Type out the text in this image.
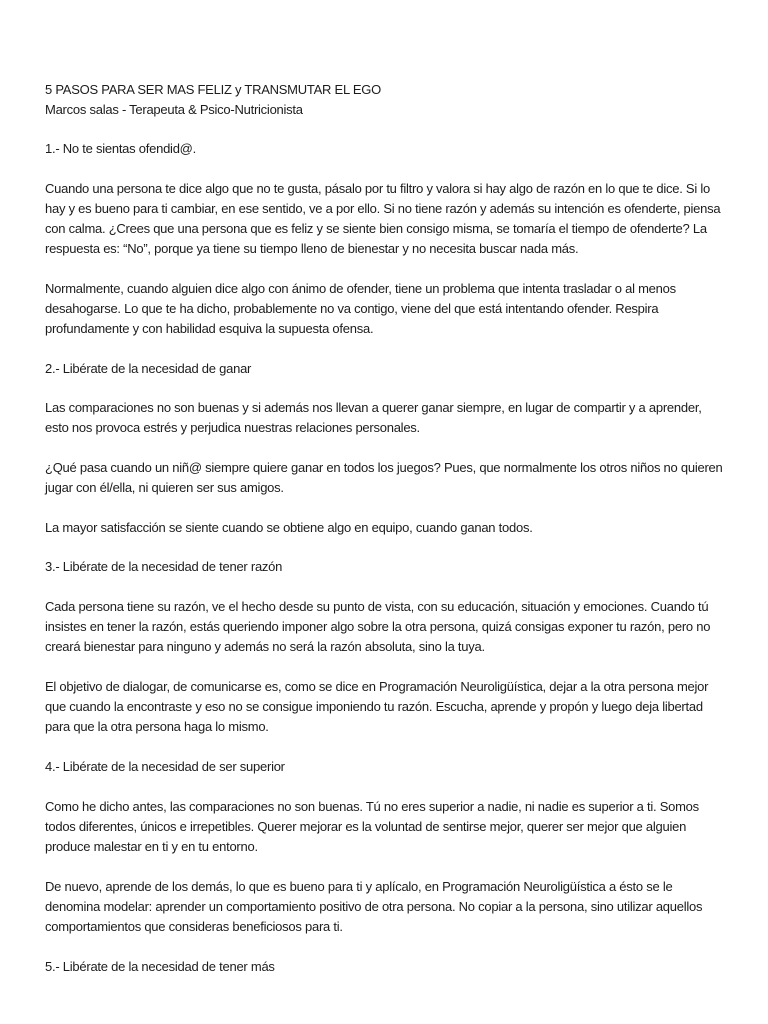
5 PASOS PARA SER MAS FELIZ y TRANSMUTAR EL EGO

Marcos salas - Terapeuta & Psico-Nutricionista

1.- No te sientas ofendid@.

Cuando una persona te dice algo que no te gusta, pásalo por tu filtro y valora si hay algo de razón en lo que te dice. Si lo hay y es bueno para ti cambiar, en ese sentido, ve a por ello. Si no tiene razón y además su intención es ofenderte, piensa con calma. ¿Crees que una persona que es feliz y se siente bien consigo misma, se tomaría el tiempo de ofenderte? La respuesta es: “No”, porque ya tiene su tiempo lleno de bienestar y no necesita buscar nada más.

Normalmente, cuando alguien dice algo con ánimo de ofender, tiene un problema que intenta trasladar o al menos desahogarse. Lo que te ha dicho, probablemente no va contigo, viene del que está intentando ofender. Respira profundamente y con habilidad esquiva la supuesta ofensa.

2.- Libérate de la necesidad de ganar

Las comparaciones no son buenas y si además nos llevan a querer ganar siempre, en lugar de compartir y a aprender, esto nos provoca estrés y perjudica nuestras relaciones personales.

¿Qué pasa cuando un niñ@ siempre quiere ganar en todos los juegos? Pues, que normalmente los otros niños no quieren jugar con él/ella, ni quieren ser sus amigos.

La mayor satisfacción se siente cuando se obtiene algo en equipo, cuando ganan todos.

3.- Libérate de la necesidad de tener razón

Cada persona tiene su razón, ve el hecho desde su punto de vista, con su educación, situación y emociones. Cuando tú insistes en tener la razón, estás queriendo imponer algo sobre la otra persona, quizá consigas exponer tu razón, pero no creará bienestar para ninguno y además no será la razón absoluta, sino la tuya.

El objetivo de dialogar, de comunicarse es, como se dice en Programación Neuroligüística, dejar a la otra persona mejor que cuando la encontraste y eso no se consigue imponiendo tu razón. Escucha, aprende y propón y luego deja libertad para que la otra persona haga lo mismo.

4.- Libérate de la necesidad de ser superior

Como he dicho antes, las comparaciones no son buenas. Tú no eres superior a nadie, ni nadie es superior a ti. Somos todos diferentes, únicos e irrepetibles. Querer mejorar es la voluntad de sentirse mejor, querer ser mejor que alguien produce malestar en ti y en tu entorno.

De nuevo, aprende de los demás, lo que es bueno para ti y aplícalo, en Programación Neuroligüística a ésto se le denomina modelar: aprender un comportamiento positivo de otra persona. No copiar a la persona, sino utilizar aquellos comportamientos que consideras beneficiosos para ti.

5.- Libérate de la necesidad de tener más
